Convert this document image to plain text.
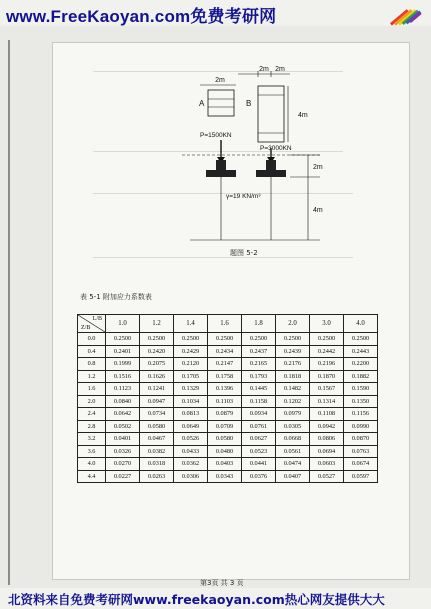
www.FreeKaoyan.com免费考研网
2m 2m
2m
A	B
4m
P=1500KN
P=3000KN
2m
4m
γ=19 KN/m³
题图 5-2
表 5-1 附加应力系数表
L/B
Z/B	1.0	1.2	1.4	1.6	1.8	2.0	3.0	4.0
0.0	0.2500	0.2500	0.2500	0.2500	0.2500	0.2500	0.2500	0.2500
0.4	0.2401	0.2420	0.2429	0.2434	0.2437	0.2439	0.2442	0.2443
0.8	0.1999	0.2075	0.2120	0.2147	0.2165	0.2176	0.2196	0.2200
1.2	0.1516	0.1626	0.1705	0.1758	0.1793	0.1818	0.1870	0.1882
1.6	0.1123	0.1241	0.1329	0.1396	0.1445	0.1482	0.1567	0.1590
2.0	0.0840	0.0947	0.1034	0.1103	0.1158	0.1202	0.1314	0.1350
2.4	0.0642	0.0734	0.0813	0.0879	0.0934	0.0979	0.1108	0.1156
2.8	0.0502	0.0580	0.0649	0.0709	0.0761	0.0305	0.0942	0.0990
3.2	0.0401	0.0467	0.0526	0.0580	0.0627	0.0668	0.0806	0.0870
3.6	0.0326	0.0382	0.0433	0.0480	0.0523	0.0561	0.0694	0.0763
4.0	0.0270	0.0318	0.0362	0.0403	0.0441	0.0474	0.0603	0.0674
4.4	0.0227	0.0263	0.0306	0.0343	0.0376	0.0407	0.0527	0.0597
第3页 共 3 页
北资料来自免费考研网www.freekaoyan.com热心网友提供大大
